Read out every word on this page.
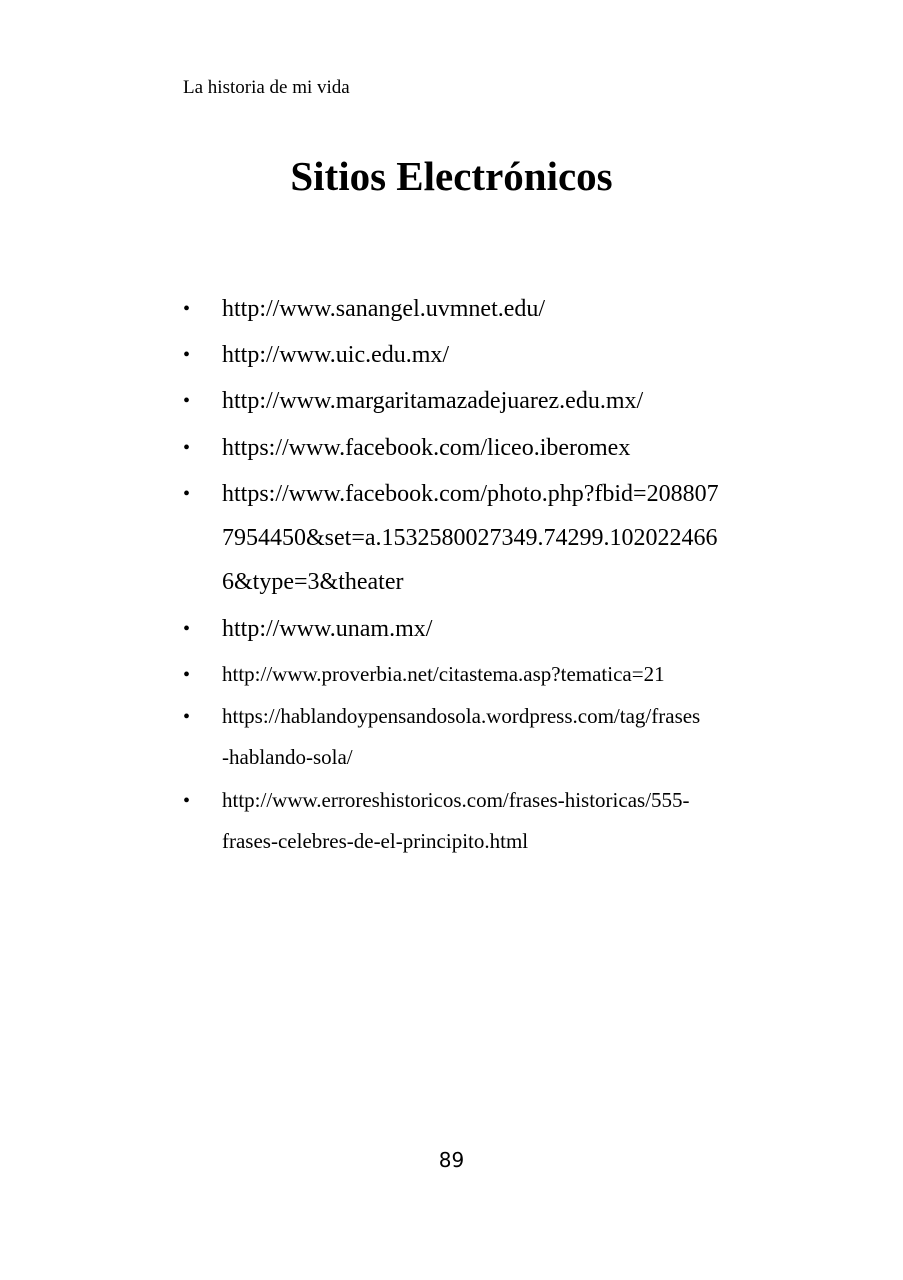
La historia de mi vida
Sitios Electrónicos
• http://www.sanangel.uvmnet.edu/
• http://www.uic.edu.mx/
• http://www.margaritamazadejuarez.edu.mx/
• https://www.facebook.com/liceo.iberomex
• https://www.facebook.com/photo.php?fbid=208807
7954450&set=a.1532580027349.74299.102022466
6&type=3&theater
• http://www.unam.mx/
• http://www.proverbia.net/citastema.asp?tematica=21
• https://hablandoypensandosola.wordpress.com/tag/frases
-hablando-sola/
• http://www.erroreshistoricos.com/frases-historicas/555-
frases-celebres-de-el-principito.html
89
